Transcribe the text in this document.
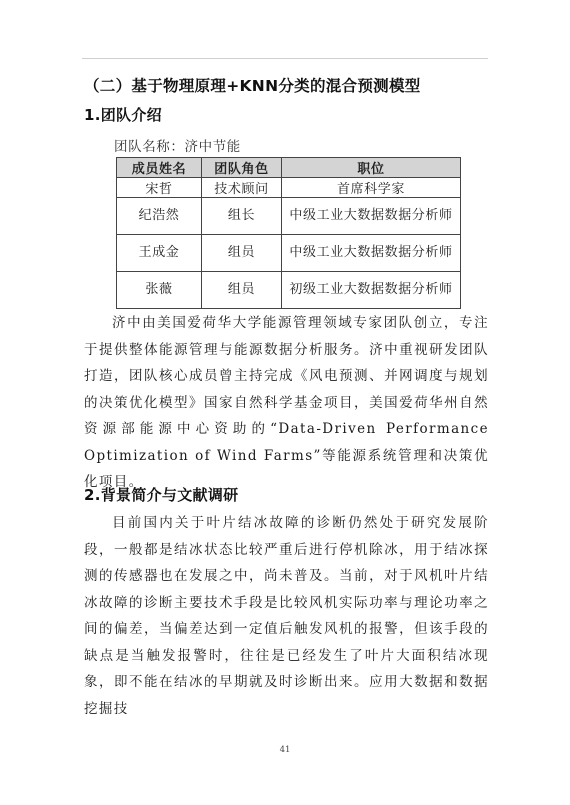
（二）基于物理原理+KNN分类的混合预测模型
1.团队介绍
团队名称：济中节能
成员姓名	团队角色	职位
宋哲	技术顾问	首席科学家
纪浩然	组长	中级工业大数据数据分析师
王成金	组员	中级工业大数据数据分析师
张薇	组员	初级工业大数据数据分析师
济中由美国爱荷华大学能源管理领域专家团队创立，专注于提供整体能源管理与能源数据分析服务。济中重视研发团队打造，团队核心成员曾主持完成《风电预测、并网调度与规划的决策优化模型》国家自然科学基金项目，美国爱荷华州自然资源部能源中心资助的“Data-Driven Performance Optimization of Wind Farms”等能源系统管理和决策优化项目。
2.背景简介与文献调研
目前国内关于叶片结冰故障的诊断仍然处于研究发展阶段，一般都是结冰状态比较严重后进行停机除冰，用于结冰探测的传感器也在发展之中，尚未普及。当前，对于风机叶片结冰故障的诊断主要技术手段是比较风机实际功率与理论功率之间的偏差，当偏差达到一定值后触发风机的报警，但该手段的缺点是当触发报警时，往往是已经发生了叶片大面积结冰现象，即不能在结冰的早期就及时诊断出来。应用大数据和数据挖掘技
41
